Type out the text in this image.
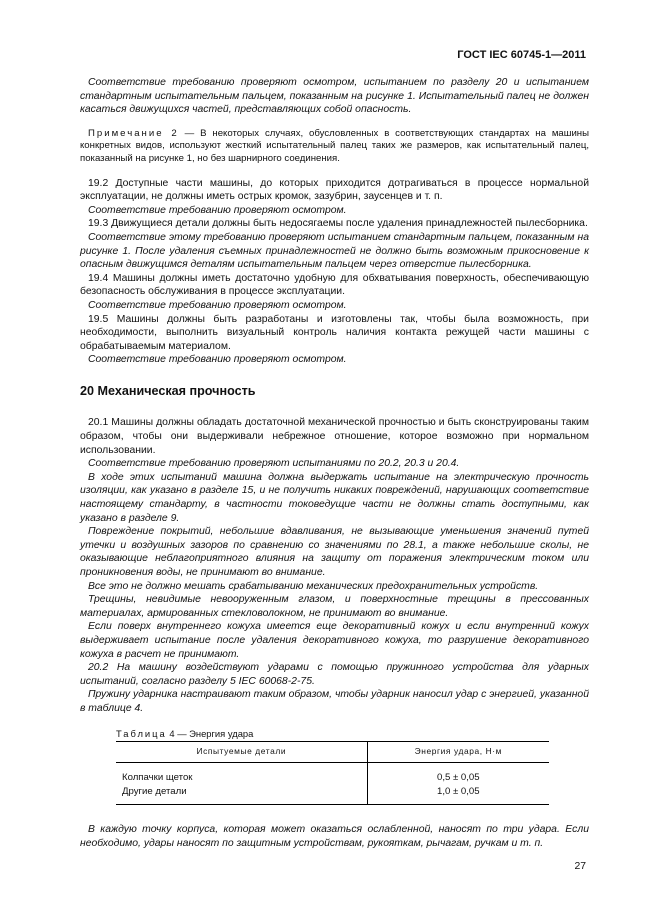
ГОСТ IEC 60745-1—2011

Соответствие требованию проверяют осмотром, испытанием по разделу 20 и испытанием стандартным испытательным пальцем, показанным на рисунке 1. Испытательный палец не должен касаться движущихся частей, представляющих собой опасность.

Примечание 2 — В некоторых случаях, обусловленных в соответствующих стандартах на машины конкретных видов, используют жесткий испытательный палец таких же размеров, как испытательный палец, показанный на рисунке 1, но без шарнирного соединения.

19.2 Доступные части машины, до которых приходится дотрагиваться в процессе нормальной эксплуатации, не должны иметь острых кромок, зазубрин, заусенцев и т. п.

Соответствие требованию проверяют осмотром.

19.3 Движущиеся детали должны быть недосягаемы после удаления принадлежностей пылесборника.

Соответствие этому требованию проверяют испытанием стандартным пальцем, показанным на рисунке 1. После удаления съемных принадлежностей не должно быть возможным прикосновение к опасным движущимся деталям испытательным пальцем через отверстие пылесборника.

19.4 Машины должны иметь достаточно удобную для обхватывания поверхность, обеспечивающую безопасность обслуживания в процессе эксплуатации.

Соответствие требованию проверяют осмотром.

19.5 Машины должны быть разработаны и изготовлены так, чтобы была возможность, при необходимости, выполнить визуальный контроль наличия контакта режущей части машины с обрабатываемым материалом.

Соответствие требованию проверяют осмотром.

20 Механическая прочность

20.1 Машины должны обладать достаточной механической прочностью и быть сконструированы таким образом, чтобы они выдерживали небрежное отношение, которое возможно при нормальном использовании.

Соответствие требованию проверяют испытаниями по 20.2, 20.3 и 20.4.

В ходе этих испытаний машина должна выдержать испытание на электрическую прочность изоляции, как указано в разделе 15, и не получить никаких повреждений, нарушающих соответствие настоящему стандарту, в частности токоведущие части не должны стать доступными, как указано в разделе 9.

Повреждение покрытий, небольшие вдавливания, не вызывающие уменьшения значений путей утечки и воздушных зазоров по сравнению со значениями по 28.1, а также небольшие сколы, не оказывающие неблагоприятного влияния на защиту от поражения электрическим током или проникновения воды, не принимают во внимание.

Все это не должно мешать срабатыванию механических предохранительных устройств.

Трещины, невидимые невооруженным глазом, и поверхностные трещины в прессованных материалах, армированных стекловолокном, не принимают во внимание.

Если поверх внутреннего кожуха имеется еще декоративный кожух и если внутренний кожух выдерживает испытание после удаления декоративного кожуха, то разрушение декоративного кожуха в расчет не принимают.

20.2 На машину воздействуют ударами с помощью пружинного устройства для ударных испытаний, согласно разделу 5 IEC 60068-2-75.

Пружину ударника настраивают таким образом, чтобы ударник наносил удар с энергией, указанной в таблице 4.

Таблица 4 — Энергия удара
Испытуемые детали	Энергия удара, Н·м
Колпачки щеток	0,5 ± 0,05
Другие детали	1,0 ± 0,05

В каждую точку корпуса, которая может оказаться ослабленной, наносят по три удара. Если необходимо, удары наносят по защитным устройствам, рукояткам, рычагам, ручкам и т. п.

27
